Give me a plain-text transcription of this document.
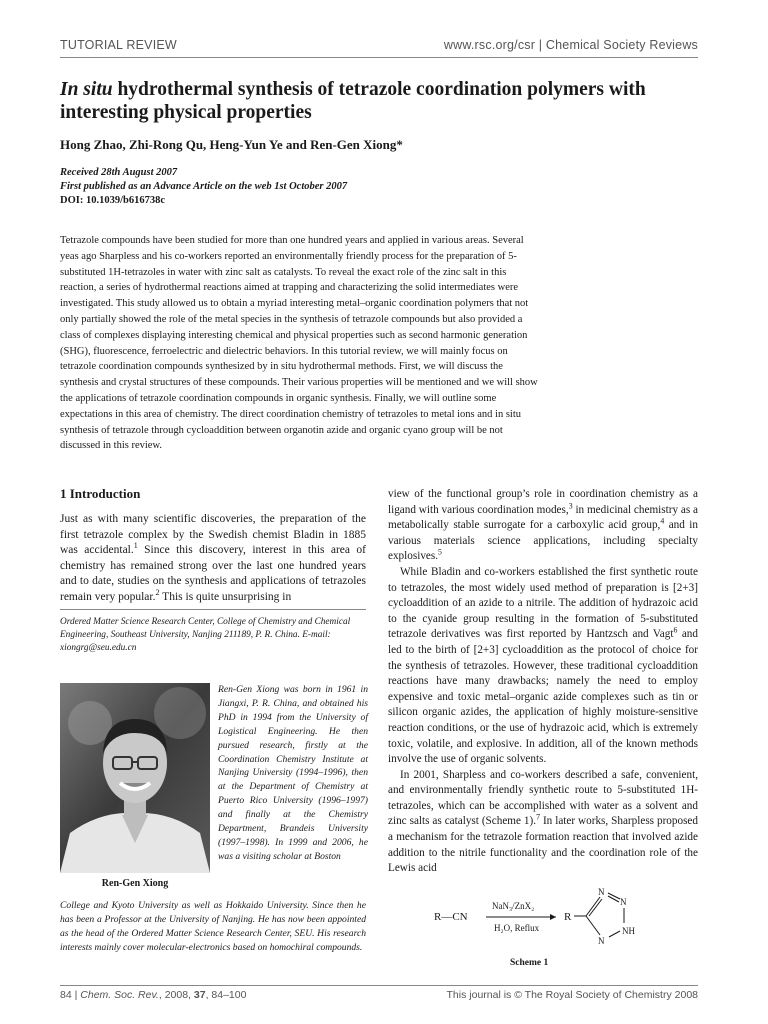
TUTORIAL REVIEW	www.rsc.org/csr | Chemical Society Reviews
In situ hydrothermal synthesis of tetrazole coordination polymers with interesting physical properties
Hong Zhao, Zhi-Rong Qu, Heng-Yun Ye and Ren-Gen Xiong*
Received 28th August 2007
First published as an Advance Article on the web 1st October 2007
DOI: 10.1039/b616738c
Tetrazole compounds have been studied for more than one hundred years and applied in various areas. Several yeas ago Sharpless and his co-workers reported an environmentally friendly process for the preparation of 5-substituted 1H-tetrazoles in water with zinc salt as catalysts. To reveal the exact role of the zinc salt in this reaction, a series of hydrothermal reactions aimed at trapping and characterizing the solid intermediates were investigated. This study allowed us to obtain a myriad interesting metal–organic coordination polymers that not only partially showed the role of the metal species in the synthesis of tetrazole compounds but also provided a class of complexes displaying interesting chemical and physical properties such as second harmonic generation (SHG), fluorescence, ferroelectric and dielectric behaviors. In this tutorial review, we will mainly focus on tetrazole coordination compounds synthesized by in situ hydrothermal methods. First, we will discuss the synthesis and crystal structures of these compounds. Their various properties will be mentioned and we will show the applications of tetrazole coordination compounds in organic synthesis. Finally, we will outline some expectations in this area of chemistry. The direct coordination chemistry of tetrazoles to metal ions and in situ synthesis of tetrazole through cycloaddition between organotin azide and organic cyano group will be not discussed in this review.
1 Introduction
Just as with many scientific discoveries, the preparation of the first tetrazole complex by the Swedish chemist Bladin in 1885 was accidental.$^1$ Since this discovery, interest in this area of chemistry has remained strong over the last one hundred years and to date, studies on the synthesis and applications of tetrazoles remain very popular.$^2$ This is quite unsurprising in
Ordered Matter Science Research Center, College of Chemistry and Chemical Engineering, Southeast University, Nanjing 211189, P. R. China. E-mail: xiongrg@seu.edu.cn
Ren-Gen Xiong was born in 1961 in Jiangxi, P. R. China, and obtained his PhD in 1994 from the University of Logistical Engineering. He then pursued research, firstly at the Coordination Chemistry Institute at Nanjing University (1994–1996), then at the Department of Chemistry at Puerto Rico University (1996–1997) and finally at the Chemistry Department, Brandeis University (1997–1998). In 1999 and 2006, he was a visiting scholar at Boston
Ren-Gen Xiong
College and Kyoto University as well as Hokkaido University. Since then he has been a Professor at the University of Nanjing. He has now been appointed as the head of the Ordered Matter Science Research Center, SEU. His research interests mainly cover molecular-electronics based on homochiral compounds.

view of the functional group’s role in coordination chemistry as a ligand with various coordination modes,$^3$ in medicinal chemistry as a metabolically stable surrogate for a carboxylic acid group,$^4$ and in various materials science applications, including specialty explosives.$^5$

While Bladin and co-workers established the first synthetic route to tetrazoles, the most widely used method of preparation is [2+3] cycloaddition of an azide to a nitrile. The addition of hydrazoic acid to the cyanide group resulting in the formation of 5-substituted tetrazole derivatives was first reported by Hantzsch and Vagt$^6$ and led to the birth of [2+3] cycloaddition as the protocol of choice for the synthesis of tetrazoles. However, these traditional cycloaddition reactions have many drawbacks; namely the need to employ expensive and toxic metal–organic azide complexes such as tin or silicon organic azides, the application of highly moisture-sensitive reaction conditions, or the use of hydrazoic acid, which is extremely toxic, volatile, and explosive. In addition, all of the known methods involve the use of organic solvents.

In 2001, Sharpless and co-workers described a safe, convenient, and environmentally friendly synthetic route to 5-substituted 1H-tetrazoles, which can be accomplished with water as a solvent and zinc salts as catalyst (Scheme 1).$^7$ In later works, Sharpless proposed a mechanism for the tetrazole formation reaction that involved azide addition to the nitrile functionality and the coordination role of the Lewis acid

R—CN
NaN₃/ZnX₂
H₂O, Reflux
R
N
N
NH
N
Scheme 1
84 | Chem. Soc. Rev., 2008, 37, 84–100	This journal is © The Royal Society of Chemistry 2008
